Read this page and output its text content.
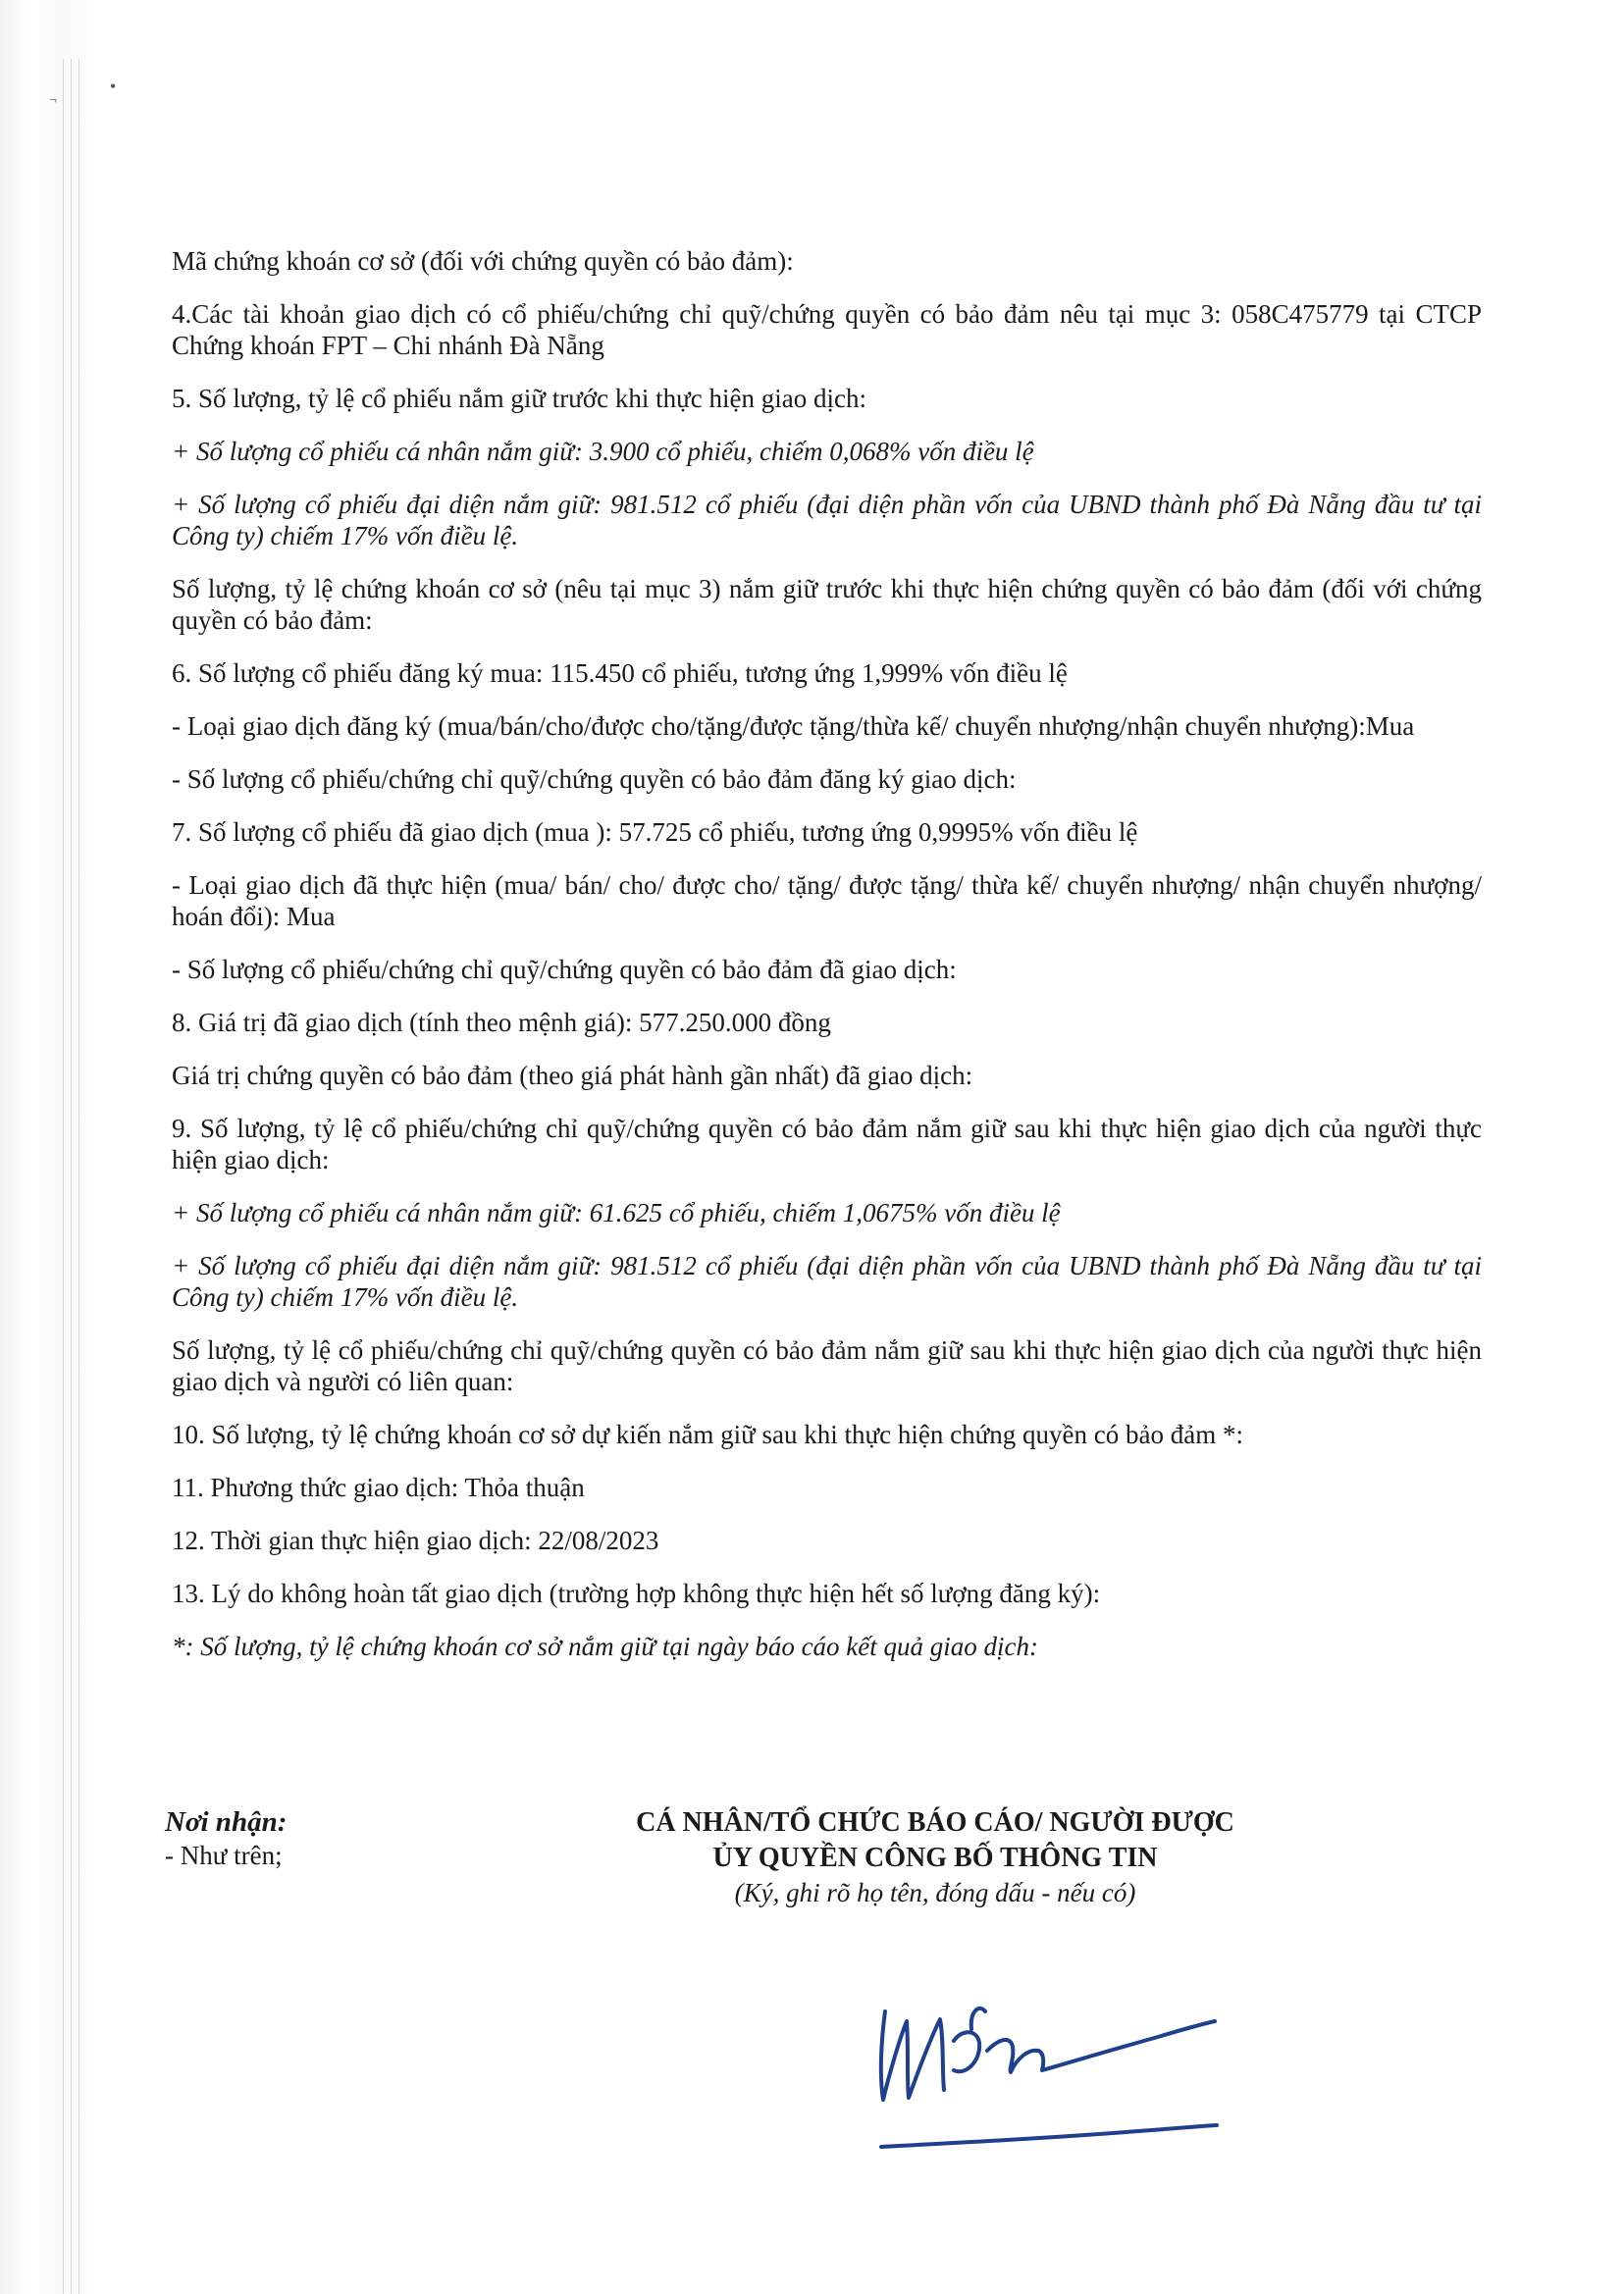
¬
•

Mã chứng khoán cơ sở (đối với chứng quyền có bảo đảm):

4.Các tài khoản giao dịch có cổ phiếu/chứng chỉ quỹ/chứng quyền có bảo đảm nêu tại mục 3: 058C475779 tại CTCP Chứng khoán FPT – Chi nhánh Đà Nẵng

5. Số lượng, tỷ lệ cổ phiếu nắm giữ trước khi thực hiện giao dịch:

+ Số lượng cổ phiếu cá nhân nắm giữ: 3.900 cổ phiếu, chiếm 0,068% vốn điều lệ

+ Số lượng cổ phiếu đại diện nắm giữ: 981.512 cổ phiếu (đại diện phần vốn của UBND thành phố Đà Nẵng đầu tư tại Công ty) chiếm 17% vốn điều lệ.

Số lượng, tỷ lệ chứng khoán cơ sở (nêu tại mục 3) nắm giữ trước khi thực hiện chứng quyền có bảo đảm (đối với chứng quyền có bảo đảm:

6. Số lượng cổ phiếu đăng ký mua: 115.450 cổ phiếu, tương ứng 1,999% vốn điều lệ

- Loại giao dịch đăng ký (mua/bán/cho/được cho/tặng/được tặng/thừa kế/ chuyển nhượng/nhận chuyển nhượng):Mua

- Số lượng cổ phiếu/chứng chỉ quỹ/chứng quyền có bảo đảm đăng ký giao dịch:

7. Số lượng cổ phiếu đã giao dịch (mua ): 57.725 cổ phiếu, tương ứng 0,9995% vốn điều lệ

- Loại giao dịch đã thực hiện (mua/ bán/ cho/ được cho/ tặng/ được tặng/ thừa kế/ chuyển nhượng/ nhận chuyển nhượng/ hoán đổi): Mua

- Số lượng cổ phiếu/chứng chỉ quỹ/chứng quyền có bảo đảm đã giao dịch:

8. Giá trị đã giao dịch (tính theo mệnh giá): 577.250.000 đồng

Giá trị chứng quyền có bảo đảm (theo giá phát hành gần nhất) đã giao dịch:

9. Số lượng, tỷ lệ cổ phiếu/chứng chỉ quỹ/chứng quyền có bảo đảm nắm giữ sau khi thực hiện giao dịch của người thực hiện giao dịch:

+ Số lượng cổ phiếu cá nhân nắm giữ: 61.625 cổ phiếu, chiếm 1,0675% vốn điều lệ

+ Số lượng cổ phiếu đại diện nắm giữ: 981.512 cổ phiếu (đại diện phần vốn của UBND thành phố Đà Nẵng đầu tư tại Công ty) chiếm 17% vốn điều lệ.

Số lượng, tỷ lệ cổ phiếu/chứng chỉ quỹ/chứng quyền có bảo đảm nắm giữ sau khi thực hiện giao dịch của người thực hiện giao dịch và người có liên quan:

10. Số lượng, tỷ lệ chứng khoán cơ sở dự kiến nắm giữ sau khi thực hiện chứng quyền có bảo đảm *:

11. Phương thức giao dịch: Thỏa thuận

12. Thời gian thực hiện giao dịch: 22/08/2023

13. Lý do không hoàn tất giao dịch (trường hợp không thực hiện hết số lượng đăng ký):

*: Số lượng, tỷ lệ chứng khoán cơ sở nắm giữ tại ngày báo cáo kết quả giao dịch:

Nơi nhận:
- Như trên;
CÁ NHÂN/TỔ CHỨC BÁO CÁO/ NGƯỜI ĐƯỢC
ỦY QUYỀN CÔNG BỐ THÔNG TIN
(Ký, ghi rõ họ tên, đóng dấu - nếu có)
